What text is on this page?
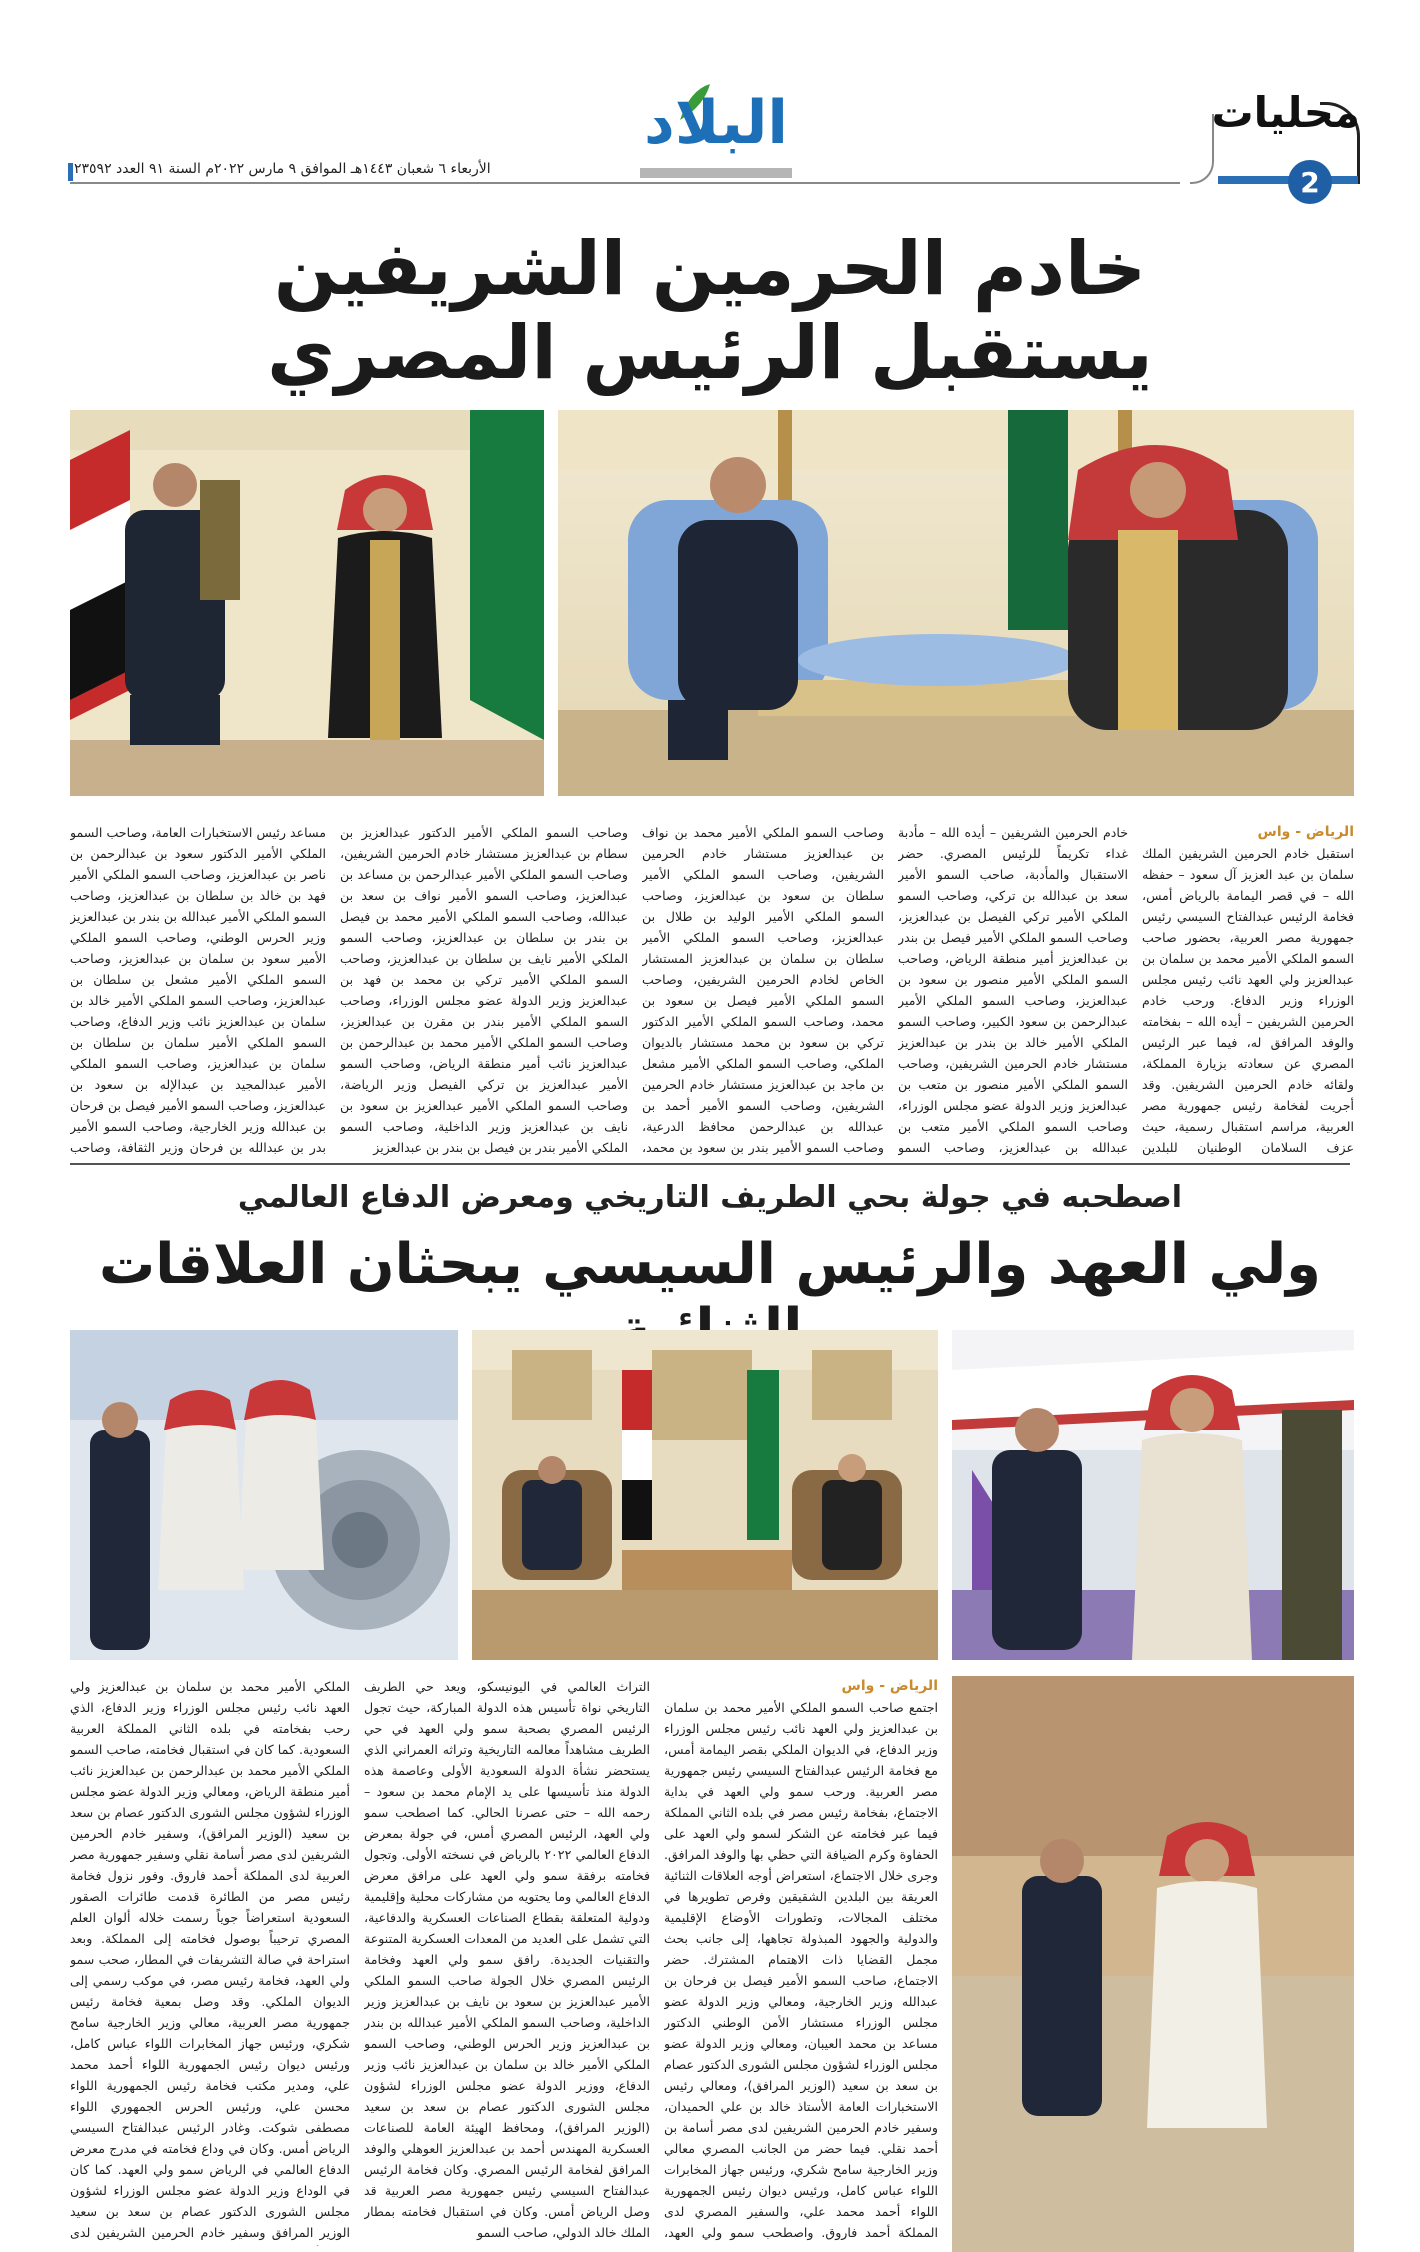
محليات
2
الأربعاء ٦ شعبان ١٤٤٣هـ الموافق ٩ مارس ٢٠٢٢م السنة ٩١ العدد ٢٣٥٩٢
البلاد
خادم الحرمين الشريفين
يستقبل الرئيس المصري
الرياض - واس

استقبل خادم الحرمين الشريفين الملك سلمان بن عبد العزيز آل سعود – حفظه الله – في قصر اليمامة بالرياض أمس، فخامة الرئيس عبدالفتاح السيسي رئيس جمهورية مصر العربية، بحضور صاحب السمو الملكي الأمير محمد بن سلمان بن عبدالعزيز ولي العهد نائب رئيس مجلس الوزراء وزير الدفاع. ورحب خادم الحرمين الشريفين – أيده الله – بفخامته والوفد المرافق له، فيما عبر الرئيس المصري عن سعادته بزيارة المملكة، ولقائه خادم الحرمين الشريفين. وقد أجريت لفخامة رئيس جمهورية مصر العربية، مراسم استقبال رسمية، حيث عزف السلامان الوطنيان للبلدين

خادم الحرمين الشريفين – أيده الله – مأدبة غداء تكريماً للرئيس المصري. حضر الاستقبال والمأدبة، صاحب السمو الأمير سعد بن عبدالله بن تركي، وصاحب السمو الملكي الأمير تركي الفيصل بن عبدالعزيز، وصاحب السمو الملكي الأمير فيصل بن بندر بن عبدالعزيز أمير منطقة الرياض، وصاحب السمو الملكي الأمير منصور بن سعود بن عبدالعزيز، وصاحب السمو الملكي الأمير عبدالرحمن بن سعود الكبير، وصاحب السمو الملكي الأمير خالد بن بندر بن عبدالعزيز مستشار خادم الحرمين الشريفين، وصاحب السمو الملكي الأمير منصور بن متعب بن عبدالعزيز وزير الدولة عضو مجلس الوزراء، وصاحب السمو الملكي الأمير متعب بن عبدالله بن عبدالعزيز، وصاحب السمو

وصاحب السمو الملكي الأمير محمد بن نواف بن عبدالعزيز مستشار خادم الحرمين الشريفين، وصاحب السمو الملكي الأمير سلطان بن سعود بن عبدالعزيز، وصاحب السمو الملكي الأمير الوليد بن طلال بن عبدالعزيز، وصاحب السمو الملكي الأمير سلطان بن سلمان بن عبدالعزيز المستشار الخاص لخادم الحرمين الشريفين، وصاحب السمو الملكي الأمير فيصل بن سعود بن محمد، وصاحب السمو الملكي الأمير الدكتور تركي بن سعود بن محمد مستشار بالديوان الملكي، وصاحب السمو الملكي الأمير مشعل بن ماجد بن عبدالعزيز مستشار خادم الحرمين الشريفين، وصاحب السمو الأمير أحمد بن عبدالله بن عبدالرحمن محافظ الدرعية، وصاحب السمو الأمير بندر بن سعود بن محمد،

وصاحب السمو الملكي الأمير الدكتور عبدالعزيز بن سطام بن عبدالعزيز مستشار خادم الحرمين الشريفين، وصاحب السمو الملكي الأمير عبدالرحمن بن مساعد بن عبدالعزيز، وصاحب السمو الأمير نواف بن سعد بن عبدالله، وصاحب السمو الملكي الأمير محمد بن فيصل بن بندر بن سلطان بن عبدالعزيز، وصاحب السمو الملكي الأمير نايف بن سلطان بن عبدالعزيز، وصاحب السمو الملكي الأمير تركي بن محمد بن فهد بن عبدالعزيز وزير الدولة عضو مجلس الوزراء، وصاحب السمو الملكي الأمير بندر بن مقرن بن عبدالعزيز، وصاحب السمو الملكي الأمير محمد بن عبدالرحمن بن عبدالعزيز نائب أمير منطقة الرياض، وصاحب السمو الأمير عبدالعزيز بن تركي الفيصل وزير الرياضة، وصاحب السمو الملكي الأمير عبدالعزيز بن سعود بن نايف بن عبدالعزيز وزير الداخلية، وصاحب السمو الملكي الأمير بندر بن فيصل بن بندر بن عبدالعزيز

مساعد رئيس الاستخبارات العامة، وصاحب السمو الملكي الأمير الدكتور سعود بن عبدالرحمن بن ناصر بن عبدالعزيز، وصاحب السمو الملكي الأمير فهد بن خالد بن سلطان بن عبدالعزيز، وصاحب السمو الملكي الأمير عبدالله بن بندر بن عبدالعزيز وزير الحرس الوطني، وصاحب السمو الملكي الأمير سعود بن سلمان بن عبدالعزيز، وصاحب السمو الملكي الأمير مشعل بن سلطان بن عبدالعزيز، وصاحب السمو الملكي الأمير خالد بن سلمان بن عبدالعزيز نائب وزير الدفاع، وصاحب السمو الملكي الأمير سلمان بن سلطان بن سلمان بن عبدالعزيز، وصاحب السمو الملكي الأمير عبدالمجيد بن عبدالإله بن سعود بن عبدالعزيز، وصاحب السمو الأمير فيصل بن فرحان بن عبدالله وزير الخارجية، وصاحب السمو الأمير بدر بن عبدالله بن فرحان وزير الثقافة، وصاحب

اصطحبه في جولة بحي الطريف التاريخي ومعرض الدفاع العالمي
ولي العهد والرئيس السيسي يبحثان العلاقات
الرياض - واس

اجتمع صاحب السمو الملكي الأمير محمد بن سلمان بن عبدالعزيز ولي العهد نائب رئيس مجلس الوزراء وزير الدفاع، في الديوان الملكي بقصر اليمامة أمس، مع فخامة الرئيس عبدالفتاح السيسي رئيس جمهورية مصر العربية. ورحب سمو ولي العهد في بداية الاجتماع، بفخامة رئيس مصر في بلده الثاني المملكة فيما عبر فخامته عن الشكر لسمو ولي العهد على الحفاوة وكرم الضيافة التي حظي بها والوفد المرافق. وجرى خلال الاجتماع، استعراض أوجه العلاقات الثنائية العريقة بين البلدين الشقيقين وفرص تطويرها في مختلف المجالات، وتطورات الأوضاع الإقليمية والدولية والجهود المبذولة تجاهها، إلى جانب بحث مجمل القضايا ذات الاهتمام المشترك. حضر الاجتماع، صاحب السمو الأمير فيصل بن فرحان بن عبدالله وزير الخارجية، ومعالي وزير الدولة عضو مجلس الوزراء مستشار الأمن الوطني الدكتور مساعد بن محمد العيبان، ومعالي وزير الدولة عضو مجلس الوزراء لشؤون مجلس الشورى الدكتور عصام بن سعد بن سعيد (الوزير المرافق)، ومعالي رئيس الاستخبارات العامة الأستاذ خالد بن علي الحميدان، وسفير خادم الحرمين الشريفين لدى مصر أسامة بن أحمد نقلي. فيما حضر من الجانب المصري معالي وزير الخارجية سامح شكري، ورئيس جهاز المخابرات اللواء عباس كامل، ورئيس ديوان رئيس الجمهورية اللواء أحمد محمد علي، والسفير المصري لدى المملكة أحمد فاروق. واصطحب سمو ولي العهد،

التراث العالمي في اليونيسكو، ويعد حي الطريف التاريخي نواة تأسيس هذه الدولة المباركة، حيث تجول الرئيس المصري بصحبة سمو ولي العهد في حي الطريف مشاهداً معالمه التاريخية وتراثه العمراني الذي يستحضر نشأة الدولة السعودية الأولى وعاصمة هذه الدولة منذ تأسيسها على يد الإمام محمد بن سعود – رحمه الله – حتى عصرنا الحالي. كما اصطحب سمو ولي العهد، الرئيس المصري أمس، في جولة بمعرض الدفاع العالمي ٢٠٢٢ بالرياض في نسخته الأولى. وتجول فخامته برفقة سمو ولي العهد على مرافق معرض الدفاع العالمي وما يحتويه من مشاركات محلية وإقليمية ودولية المتعلقة بقطاع الصناعات العسكرية والدفاعية، التي تشمل على العديد من المعدات العسكرية المتنوعة والتقنيات الجديدة. رافق سمو ولي العهد وفخامة الرئيس المصري خلال الجولة صاحب السمو الملكي الأمير عبدالعزيز بن سعود بن نايف بن عبدالعزيز وزير الداخلية، وصاحب السمو الملكي الأمير عبدالله بن بندر بن عبدالعزيز وزير الحرس الوطني، وصاحب السمو الملكي الأمير خالد بن سلمان بن عبدالعزيز نائب وزير الدفاع، ووزير الدولة عضو مجلس الوزراء لشؤون مجلس الشورى الدكتور عصام بن سعد بن سعيد (الوزير المرافق)، ومحافظ الهيئة العامة للصناعات العسكرية المهندس أحمد بن عبدالعزيز العوهلي والوفد المرافق لفخامة الرئيس المصري. وكان فخامة الرئيس عبدالفتاح السيسي رئيس جمهورية مصر العربية قد وصل الرياض أمس. وكان في استقبال فخامته بمطار الملك خالد الدولي، صاحب السمو

الملكي الأمير محمد بن سلمان بن عبدالعزيز ولي العهد نائب رئيس مجلس الوزراء وزير الدفاع، الذي رحب بفخامته في بلده الثاني المملكة العربية السعودية. كما كان في استقبال فخامته، صاحب السمو الملكي الأمير محمد بن عبدالرحمن بن عبدالعزيز نائب أمير منطقة الرياض، ومعالي وزير الدولة عضو مجلس الوزراء لشؤون مجلس الشورى الدكتور عصام بن سعد بن سعيد (الوزير المرافق)، وسفير خادم الحرمين الشريفين لدى مصر أسامة نقلي وسفير جمهورية مصر العربية لدى المملكة أحمد فاروق. وفور نزول فخامة رئيس مصر من الطائرة قدمت طائرات الصقور السعودية استعراضاً جوياً رسمت خلاله ألوان العلم المصري ترحيباً بوصول فخامته إلى المملكة. وبعد استراحة في صالة التشريفات في المطار، صحب سمو ولي العهد، فخامة رئيس مصر، في موكب رسمي إلى الديوان الملكي. وقد وصل بمعية فخامة رئيس جمهورية مصر العربية، معالي وزير الخارجية سامح شكري، ورئيس جهاز المخابرات اللواء عباس كامل، ورئيس ديوان رئيس الجمهورية اللواء أحمد محمد علي، ومدير مكتب فخامة رئيس الجمهورية اللواء محسن علي، ورئيس الحرس الجمهوري اللواء مصطفى شوكت. وغادر الرئيس عبدالفتاح السيسي الرياض أمس. وكان في وداع فخامته في مدرج معرض الدفاع العالمي في الرياض سمو ولي العهد. كما كان في الوداع وزير الدولة عضو مجلس الوزراء لشؤون مجلس الشورى الدكتور عصام بن سعد بن سعيد الوزير المرافق وسفير خادم الحرمين الشريفين لدى
